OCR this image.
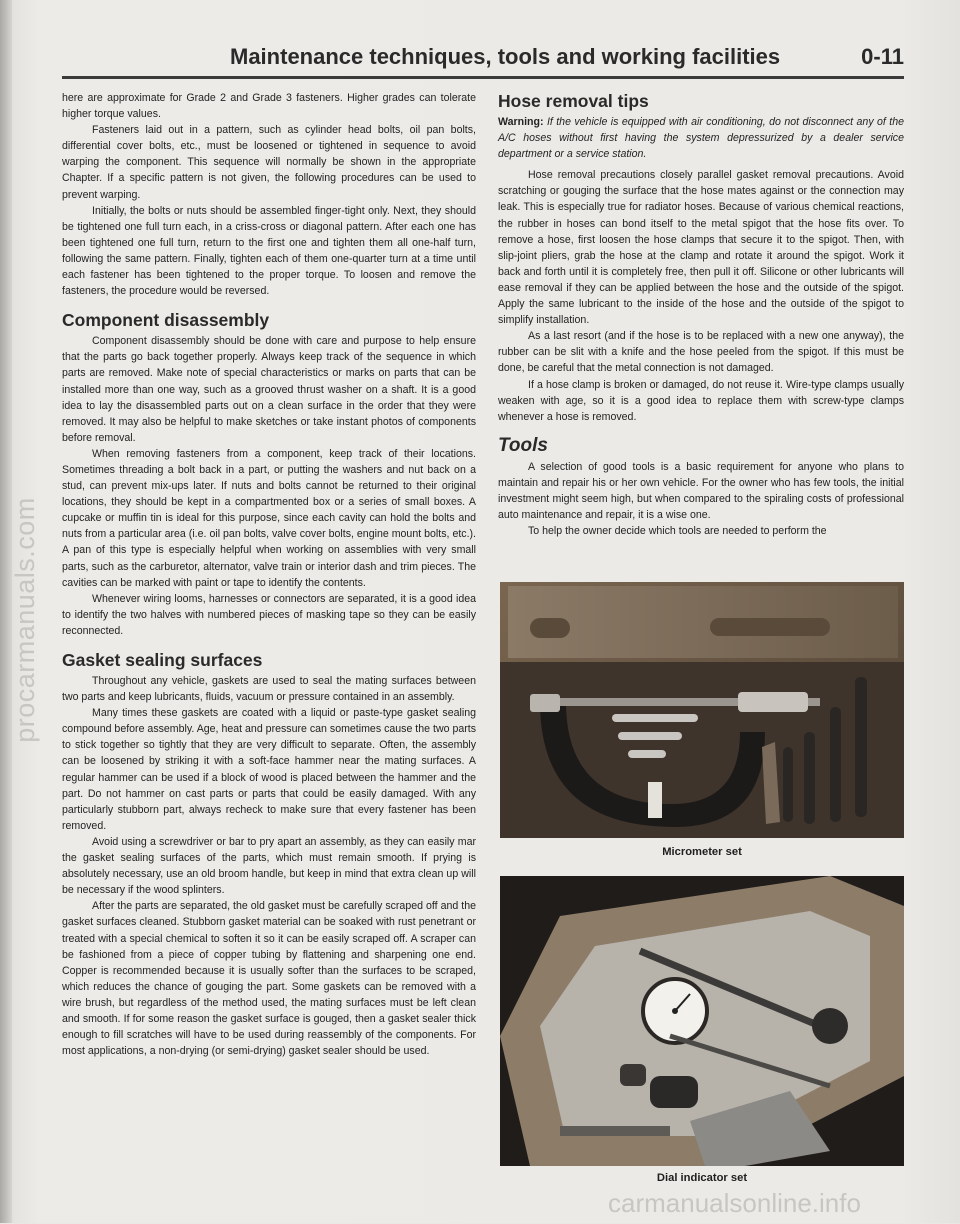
procarmanuals.com
Maintenance techniques, tools and working facilities	0-11

here are approximate for Grade 2 and Grade 3 fasteners. Higher grades can tolerate higher torque values.

Fasteners laid out in a pattern, such as cylinder head bolts, oil pan bolts, differential cover bolts, etc., must be loosened or tightened in sequence to avoid warping the component. This sequence will normally be shown in the appropriate Chapter. If a specific pattern is not given, the following procedures can be used to prevent warping.

Initially, the bolts or nuts should be assembled finger-tight only. Next, they should be tightened one full turn each, in a criss-cross or diagonal pattern. After each one has been tightened one full turn, return to the first one and tighten them all one-half turn, following the same pattern. Finally, tighten each of them one-quarter turn at a time until each fastener has been tightened to the proper torque. To loosen and remove the fasteners, the procedure would be reversed.

Component disassembly

Component disassembly should be done with care and purpose to help ensure that the parts go back together properly. Always keep track of the sequence in which parts are removed. Make note of special characteristics or marks on parts that can be installed more than one way, such as a grooved thrust washer on a shaft. It is a good idea to lay the disassembled parts out on a clean surface in the order that they were removed. It may also be helpful to make sketches or take instant photos of components before removal.

When removing fasteners from a component, keep track of their locations. Sometimes threading a bolt back in a part, or putting the washers and nut back on a stud, can prevent mix-ups later. If nuts and bolts cannot be returned to their original locations, they should be kept in a compartmented box or a series of small boxes. A cupcake or muffin tin is ideal for this purpose, since each cavity can hold the bolts and nuts from a particular area (i.e. oil pan bolts, valve cover bolts, engine mount bolts, etc.). A pan of this type is especially helpful when working on assemblies with very small parts, such as the carburetor, alternator, valve train or interior dash and trim pieces. The cavities can be marked with paint or tape to identify the contents.

Whenever wiring looms, harnesses or connectors are separated, it is a good idea to identify the two halves with numbered pieces of masking tape so they can be easily reconnected.

Gasket sealing surfaces

Throughout any vehicle, gaskets are used to seal the mating surfaces between two parts and keep lubricants, fluids, vacuum or pressure contained in an assembly.

Many times these gaskets are coated with a liquid or paste-type gasket sealing compound before assembly. Age, heat and pressure can sometimes cause the two parts to stick together so tightly that they are very difficult to separate. Often, the assembly can be loosened by striking it with a soft-face hammer near the mating surfaces. A regular hammer can be used if a block of wood is placed between the hammer and the part. Do not hammer on cast parts or parts that could be easily damaged. With any particularly stubborn part, always recheck to make sure that every fastener has been removed.

Avoid using a screwdriver or bar to pry apart an assembly, as they can easily mar the gasket sealing surfaces of the parts, which must remain smooth. If prying is absolutely necessary, use an old broom handle, but keep in mind that extra clean up will be necessary if the wood splinters.

After the parts are separated, the old gasket must be carefully scraped off and the gasket surfaces cleaned. Stubborn gasket material can be soaked with rust penetrant or treated with a special chemical to soften it so it can be easily scraped off. A scraper can be fashioned from a piece of copper tubing by flattening and sharpening one end. Copper is recommended because it is usually softer than the surfaces to be scraped, which reduces the chance of gouging the part. Some gaskets can be removed with a wire brush, but regardless of the method used, the mating surfaces must be left clean and smooth. If for some reason the gasket surface is gouged, then a gasket sealer thick enough to fill scratches will have to be used during reassembly of the components. For most applications, a non-drying (or semi-drying) gasket sealer should be used.

Hose removal tips

Warning: If the vehicle is equipped with air conditioning, do not disconnect any of the A/C hoses without first having the system depressurized by a dealer service department or a service station.

Hose removal precautions closely parallel gasket removal precautions. Avoid scratching or gouging the surface that the hose mates against or the connection may leak. This is especially true for radiator hoses. Because of various chemical reactions, the rubber in hoses can bond itself to the metal spigot that the hose fits over. To remove a hose, first loosen the hose clamps that secure it to the spigot. Then, with slip-joint pliers, grab the hose at the clamp and rotate it around the spigot. Work it back and forth until it is completely free, then pull it off. Silicone or other lubricants will ease removal if they can be applied between the hose and the outside of the spigot. Apply the same lubricant to the inside of the hose and the outside of the spigot to simplify installation.

As a last resort (and if the hose is to be replaced with a new one anyway), the rubber can be slit with a knife and the hose peeled from the spigot. If this must be done, be careful that the metal connection is not damaged.

If a hose clamp is broken or damaged, do not reuse it. Wire-type clamps usually weaken with age, so it is a good idea to replace them with screw-type clamps whenever a hose is removed.

Tools

A selection of good tools is a basic requirement for anyone who plans to maintain and repair his or her own vehicle. For the owner who has few tools, the initial investment might seem high, but when compared to the spiraling costs of professional auto maintenance and repair, it is a wise one.

To help the owner decide which tools are needed to perform the

Micrometer set
Dial indicator set
carmanualsonline.info
